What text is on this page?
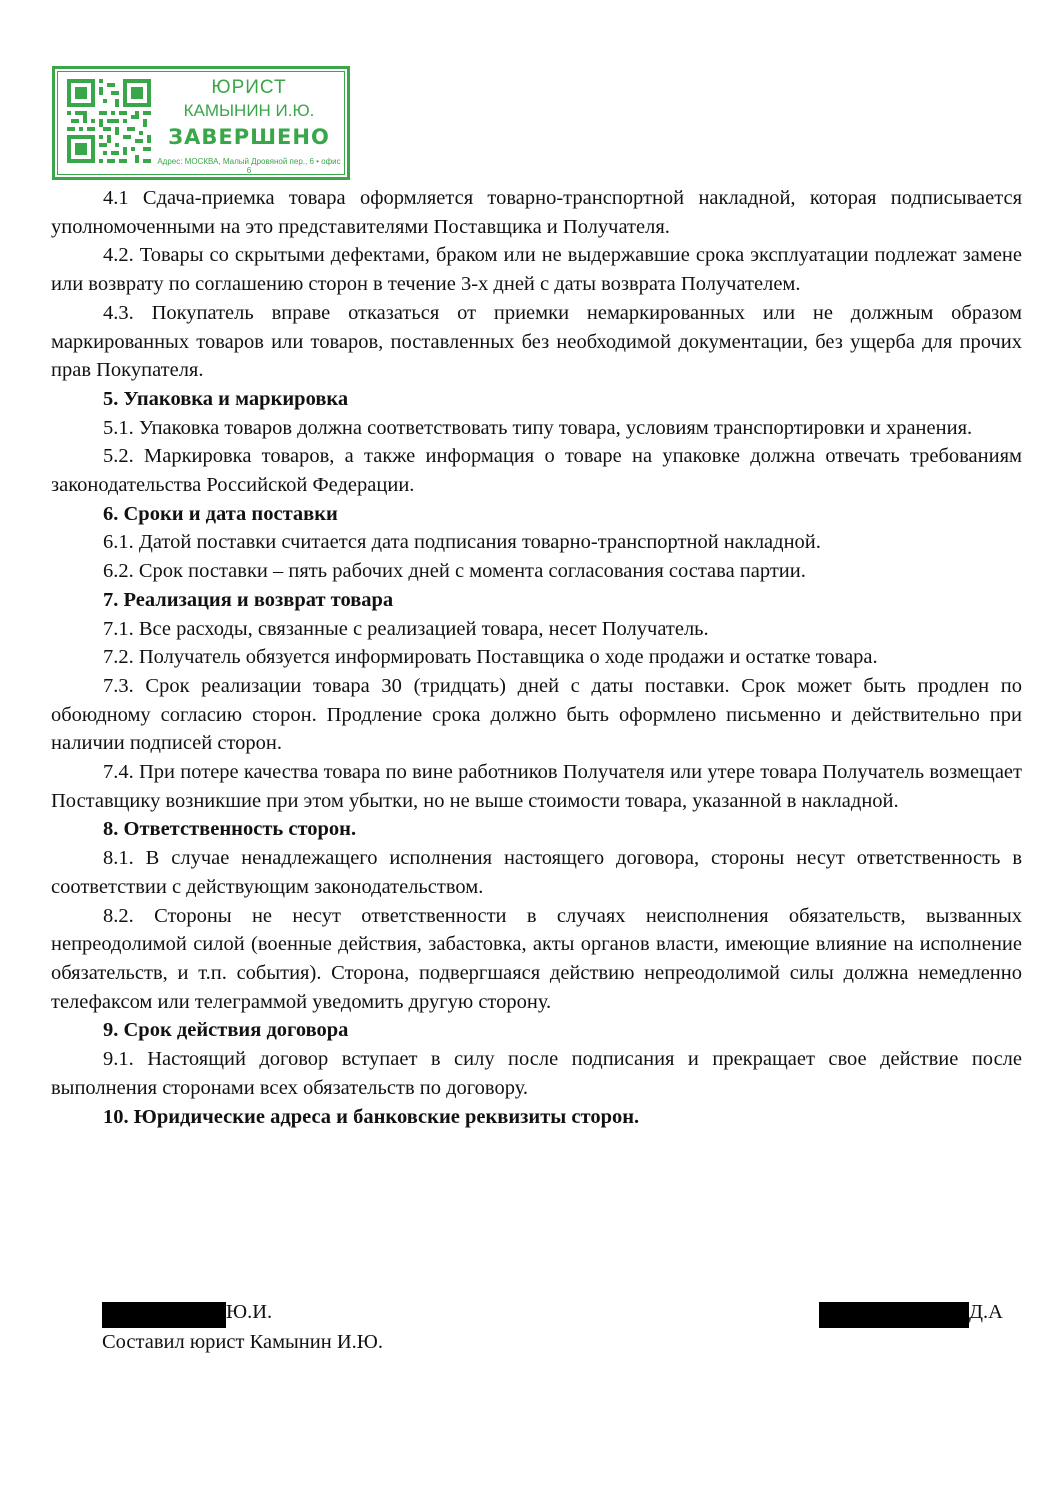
ЮРИСТ
КАМЫНИН И.Ю.
ЗАВЕРШЕНО
Адрес: МОСКВА, Малый Дровяной пер., 6 • офис 6

4.1 Сдача-приемка товара оформляется товарно-транспортной накладной, которая подписывается уполномоченными на это представителями Поставщика и Получателя.

4.2. Товары со скрытыми дефектами, браком или не выдержавшие срока эксплуатации подлежат замене или возврату по соглашению сторон в течение 3-х дней с даты возврата Получателем.

4.3. Покупатель вправе отказаться от приемки немаркированных или не должным образом маркированных товаров или товаров, поставленных без необходимой документации, без ущерба для прочих прав Покупателя.

5. Упаковка и маркировка

5.1. Упаковка товаров должна соответствовать типу товара, условиям транспортировки и хранения.

5.2. Маркировка товаров, а также информация о товаре на упаковке должна отвечать требованиям законодательства Российской Федерации.

6. Сроки и дата поставки

6.1. Датой поставки считается дата подписания товарно-транспортной накладной.

6.2. Срок поставки – пять рабочих дней с момента согласования состава партии.

7. Реализация и возврат товара

7.1. Все расходы, связанные с реализацией товара, несет Получатель.

7.2. Получатель обязуется информировать Поставщика о ходе продажи и остатке товара.

7.3. Срок реализации товара 30 (тридцать) дней с даты поставки. Срок может быть продлен по обоюдному согласию сторон. Продление срока должно быть оформлено письменно и действительно при наличии подписей сторон.

7.4. При потере качества товара по вине работников Получателя или утере товара Получатель возмещает Поставщику возникшие при этом убытки, но не выше стоимости товара, указанной в накладной.

8. Ответственность сторон.

8.1. В случае ненадлежащего исполнения настоящего договора, стороны несут ответственность в соответствии с действующим законодательством.

8.2. Стороны не несут ответственности в случаях неисполнения обязательств, вызванных непреодолимой силой (военные действия, забастовка, акты органов власти, имеющие влияние на исполнение обязательств, и т.п. события). Сторона, подвергшаяся действию непреодолимой силы должна немедленно телефаксом или телеграммой уведомить другую сторону.

9. Срок действия договора

9.1. Настоящий договор вступает в силу после подписания и прекращает свое действие после выполнения сторонами всех обязательств по договору.

10. Юридические адреса и банковские реквизиты сторон.

Ю.И.	Д.А
Составил юрист Камынин И.Ю.
